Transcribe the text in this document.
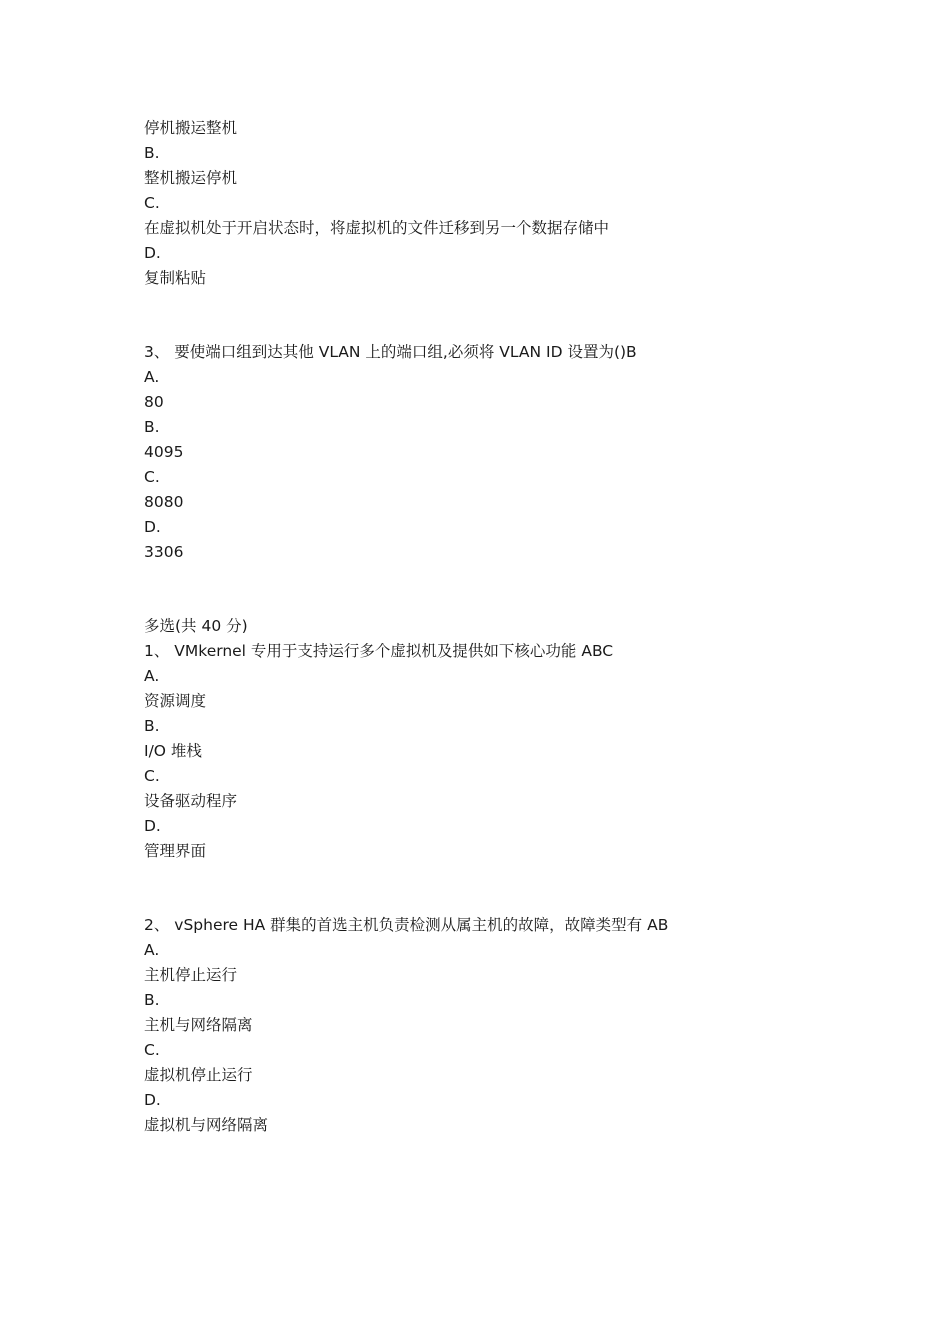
停机搬运整机
B.
整机搬运停机
C.
在虚拟机处于开启状态时，将虚拟机的文件迁移到另一个数据存储中
D.
复制粘贴
3、 要使端口组到达其他 VLAN 上的端口组,必须将 VLAN ID 设置为()B
A.
80
B.
4095
C.
8080
D.
3306
多选(共 40 分)
1、 VMkernel 专用于支持运行多个虚拟机及提供如下核心功能 ABC
A.
资源调度
B.
I/O 堆栈
C.
设备驱动程序
D.
管理界面
2、 vSphere HA 群集的首选主机负责检测从属主机的故障，故障类型有 AB
A.
主机停止运行
B.
主机与网络隔离
C.
虚拟机停止运行
D.
虚拟机与网络隔离
